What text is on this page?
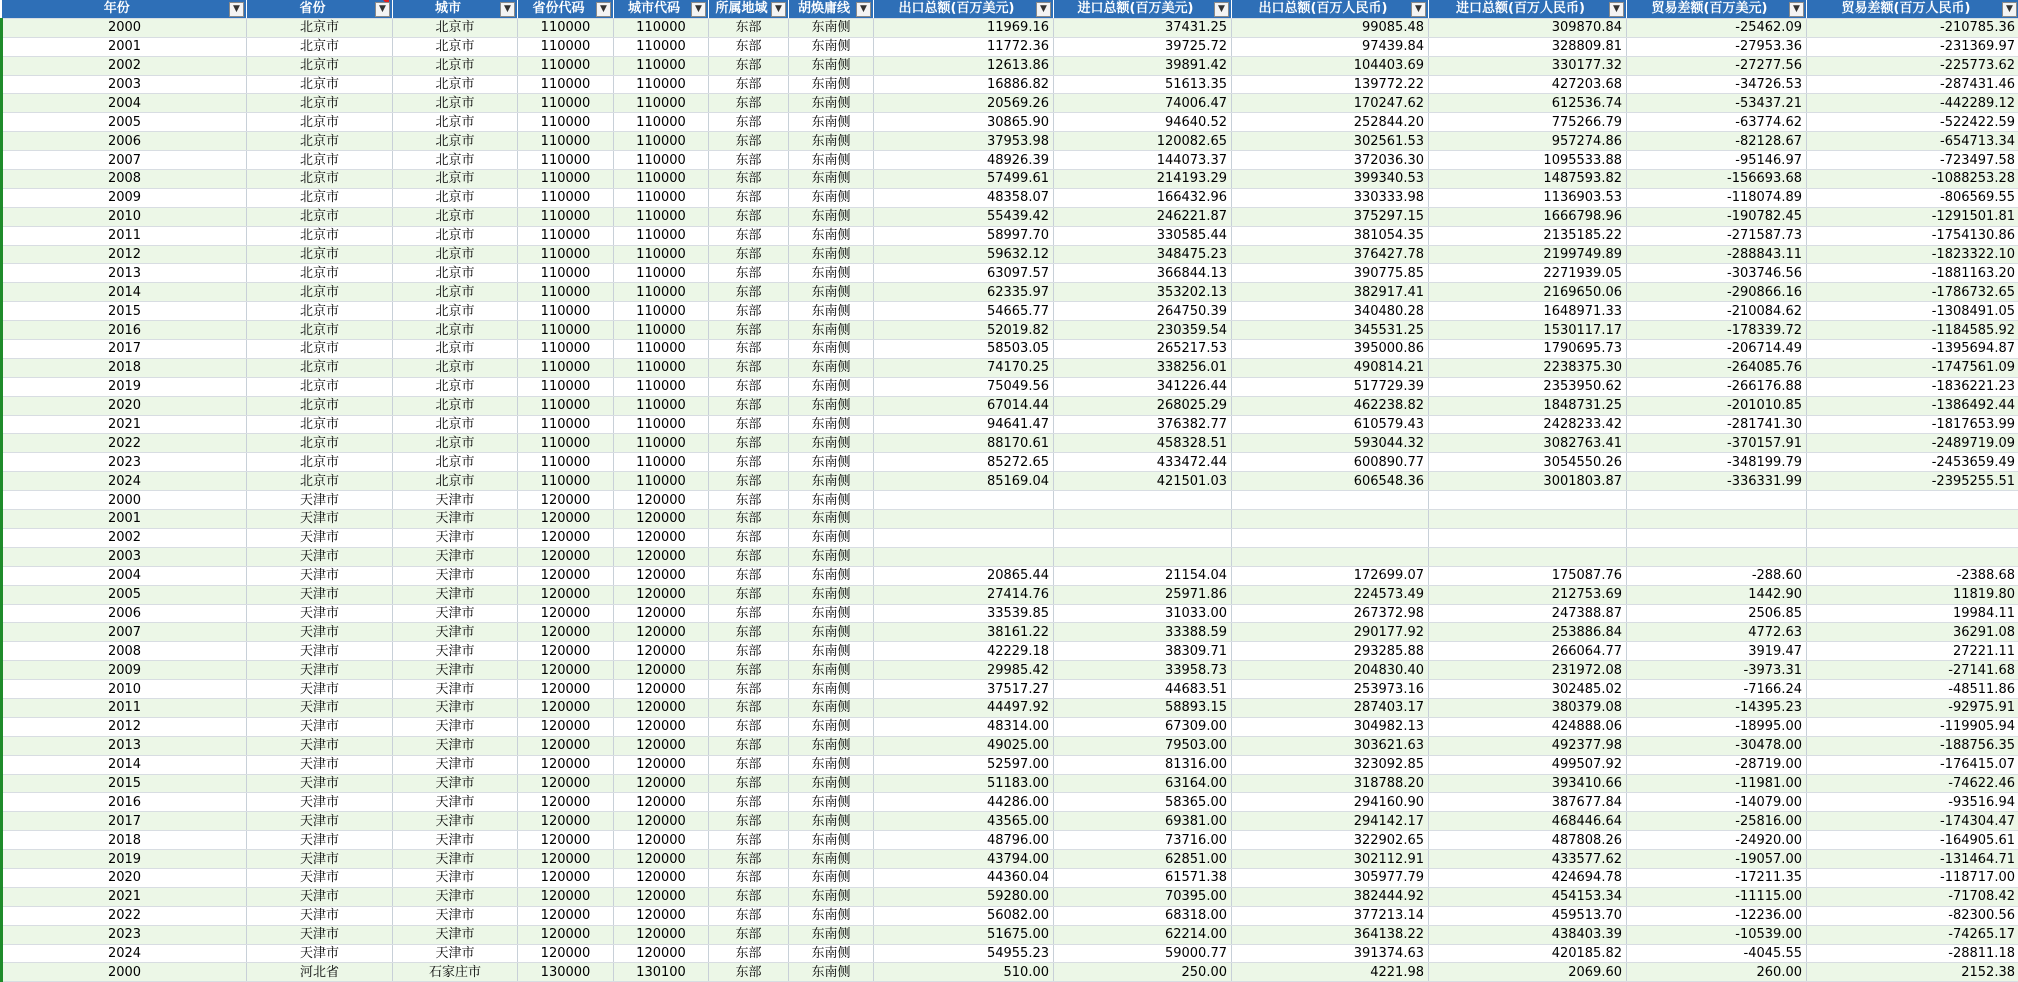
年份 ▼	省份 ▼	城市 ▼	省份代码 ▼	城市代码 ▼	所属地域 ▼	胡焕庸线 ▼	出口总额(百万美元) ▼	进口总额(百万美元) ▼	出口总额(百万人民币) ▼	进口总额(百万人民币) ▼	贸易差额(百万美元) ▼	贸易差额(百万人民币) ▼

2000	北京市	北京市	110000	110000	东部	东南侧	11969.16	37431.25	99085.48	309870.84	-25462.09	-210785.36
2001	北京市	北京市	110000	110000	东部	东南侧	11772.36	39725.72	97439.84	328809.81	-27953.36	-231369.97
2002	北京市	北京市	110000	110000	东部	东南侧	12613.86	39891.42	104403.69	330177.32	-27277.56	-225773.62
2003	北京市	北京市	110000	110000	东部	东南侧	16886.82	51613.35	139772.22	427203.68	-34726.53	-287431.46
2004	北京市	北京市	110000	110000	东部	东南侧	20569.26	74006.47	170247.62	612536.74	-53437.21	-442289.12
2005	北京市	北京市	110000	110000	东部	东南侧	30865.90	94640.52	252844.20	775266.79	-63774.62	-522422.59
2006	北京市	北京市	110000	110000	东部	东南侧	37953.98	120082.65	302561.53	957274.86	-82128.67	-654713.34
2007	北京市	北京市	110000	110000	东部	东南侧	48926.39	144073.37	372036.30	1095533.88	-95146.97	-723497.58
2008	北京市	北京市	110000	110000	东部	东南侧	57499.61	214193.29	399340.53	1487593.82	-156693.68	-1088253.28
2009	北京市	北京市	110000	110000	东部	东南侧	48358.07	166432.96	330333.98	1136903.53	-118074.89	-806569.55
2010	北京市	北京市	110000	110000	东部	东南侧	55439.42	246221.87	375297.15	1666798.96	-190782.45	-1291501.81
2011	北京市	北京市	110000	110000	东部	东南侧	58997.70	330585.44	381054.35	2135185.22	-271587.73	-1754130.86
2012	北京市	北京市	110000	110000	东部	东南侧	59632.12	348475.23	376427.78	2199749.89	-288843.11	-1823322.10
2013	北京市	北京市	110000	110000	东部	东南侧	63097.57	366844.13	390775.85	2271939.05	-303746.56	-1881163.20
2014	北京市	北京市	110000	110000	东部	东南侧	62335.97	353202.13	382917.41	2169650.06	-290866.16	-1786732.65
2015	北京市	北京市	110000	110000	东部	东南侧	54665.77	264750.39	340480.28	1648971.33	-210084.62	-1308491.05
2016	北京市	北京市	110000	110000	东部	东南侧	52019.82	230359.54	345531.25	1530117.17	-178339.72	-1184585.92
2017	北京市	北京市	110000	110000	东部	东南侧	58503.05	265217.53	395000.86	1790695.73	-206714.49	-1395694.87
2018	北京市	北京市	110000	110000	东部	东南侧	74170.25	338256.01	490814.21	2238375.30	-264085.76	-1747561.09
2019	北京市	北京市	110000	110000	东部	东南侧	75049.56	341226.44	517729.39	2353950.62	-266176.88	-1836221.23
2020	北京市	北京市	110000	110000	东部	东南侧	67014.44	268025.29	462238.82	1848731.25	-201010.85	-1386492.44
2021	北京市	北京市	110000	110000	东部	东南侧	94641.47	376382.77	610579.43	2428233.42	-281741.30	-1817653.99
2022	北京市	北京市	110000	110000	东部	东南侧	88170.61	458328.51	593044.32	3082763.41	-370157.91	-2489719.09
2023	北京市	北京市	110000	110000	东部	东南侧	85272.65	433472.44	600890.77	3054550.26	-348199.79	-2453659.49
2024	北京市	北京市	110000	110000	东部	东南侧	85169.04	421501.03	606548.36	3001803.87	-336331.99	-2395255.51
2000	天津市	天津市	120000	120000	东部	东南侧						
2001	天津市	天津市	120000	120000	东部	东南侧						
2002	天津市	天津市	120000	120000	东部	东南侧						
2003	天津市	天津市	120000	120000	东部	东南侧						
2004	天津市	天津市	120000	120000	东部	东南侧	20865.44	21154.04	172699.07	175087.76	-288.60	-2388.68
2005	天津市	天津市	120000	120000	东部	东南侧	27414.76	25971.86	224573.49	212753.69	1442.90	11819.80
2006	天津市	天津市	120000	120000	东部	东南侧	33539.85	31033.00	267372.98	247388.87	2506.85	19984.11
2007	天津市	天津市	120000	120000	东部	东南侧	38161.22	33388.59	290177.92	253886.84	4772.63	36291.08
2008	天津市	天津市	120000	120000	东部	东南侧	42229.18	38309.71	293285.88	266064.77	3919.47	27221.11
2009	天津市	天津市	120000	120000	东部	东南侧	29985.42	33958.73	204830.40	231972.08	-3973.31	-27141.68
2010	天津市	天津市	120000	120000	东部	东南侧	37517.27	44683.51	253973.16	302485.02	-7166.24	-48511.86
2011	天津市	天津市	120000	120000	东部	东南侧	44497.92	58893.15	287403.17	380379.08	-14395.23	-92975.91
2012	天津市	天津市	120000	120000	东部	东南侧	48314.00	67309.00	304982.13	424888.06	-18995.00	-119905.94
2013	天津市	天津市	120000	120000	东部	东南侧	49025.00	79503.00	303621.63	492377.98	-30478.00	-188756.35
2014	天津市	天津市	120000	120000	东部	东南侧	52597.00	81316.00	323092.85	499507.92	-28719.00	-176415.07
2015	天津市	天津市	120000	120000	东部	东南侧	51183.00	63164.00	318788.20	393410.66	-11981.00	-74622.46
2016	天津市	天津市	120000	120000	东部	东南侧	44286.00	58365.00	294160.90	387677.84	-14079.00	-93516.94
2017	天津市	天津市	120000	120000	东部	东南侧	43565.00	69381.00	294142.17	468446.64	-25816.00	-174304.47
2018	天津市	天津市	120000	120000	东部	东南侧	48796.00	73716.00	322902.65	487808.26	-24920.00	-164905.61
2019	天津市	天津市	120000	120000	东部	东南侧	43794.00	62851.00	302112.91	433577.62	-19057.00	-131464.71
2020	天津市	天津市	120000	120000	东部	东南侧	44360.04	61571.38	305977.79	424694.78	-17211.35	-118717.00
2021	天津市	天津市	120000	120000	东部	东南侧	59280.00	70395.00	382444.92	454153.34	-11115.00	-71708.42
2022	天津市	天津市	120000	120000	东部	东南侧	56082.00	68318.00	377213.14	459513.70	-12236.00	-82300.56
2023	天津市	天津市	120000	120000	东部	东南侧	51675.00	62214.00	364138.22	438403.39	-10539.00	-74265.17
2024	天津市	天津市	120000	120000	东部	东南侧	54955.23	59000.77	391374.63	420185.82	-4045.55	-28811.18
2000	河北省	石家庄市	130000	130100	东部	东南侧	510.00	250.00	4221.98	2069.60	260.00	2152.38
